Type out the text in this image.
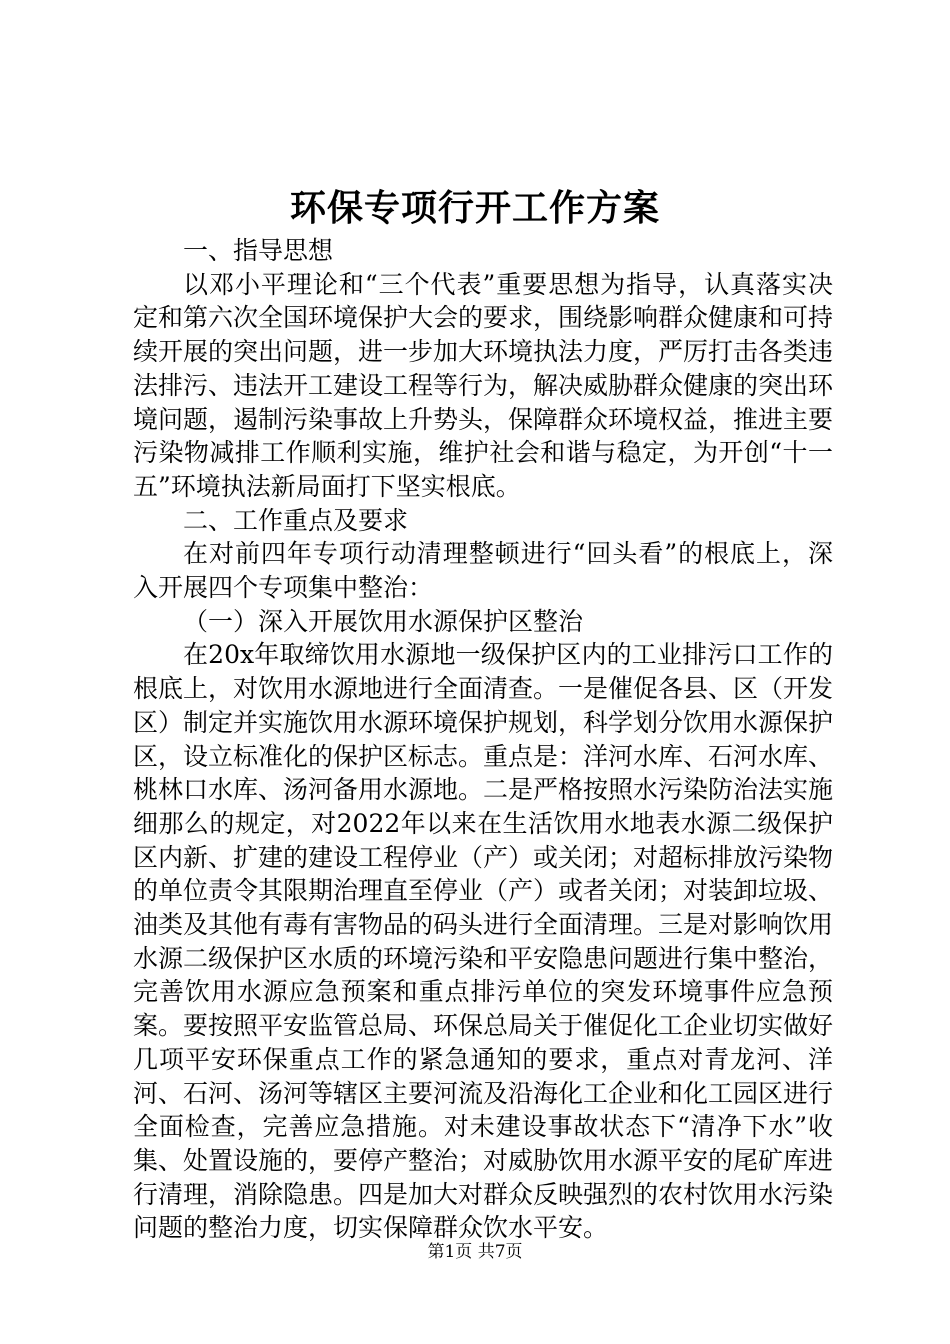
环保专项行开工作方案

一、指导思想

以邓小平理论和“三个代表”重要思想为指导，认真落实决定和第六次全国环境保护大会的要求，围绕影响群众健康和可持续开展的突出问题，进一步加大环境执法力度，严厉打击各类违法排污、违法开工建设工程等行为，解决威胁群众健康的突出环境问题，遏制污染事故上升势头，保障群众环境权益，推进主要污染物减排工作顺利实施，维护社会和谐与稳定，为开创“十一五”环境执法新局面打下坚实根底。

二、工作重点及要求

在对前四年专项行动清理整顿进行“回头看”的根底上，深入开展四个专项集中整治：

（一）深入开展饮用水源保护区整治

在20x年取缔饮用水源地一级保护区内的工业排污口工作的根底上，对饮用水源地进行全面清查。一是催促各县、区（开发区）制定并实施饮用水源环境保护规划，科学划分饮用水源保护区，设立标准化的保护区标志。重点是：洋河水库、石河水库、桃林口水库、汤河备用水源地。二是严格按照水污染防治法实施细那么的规定，对2022年以来在生活饮用水地表水源二级保护区内新、扩建的建设工程停业（产）或关闭；对超标排放污染物的单位责令其限期治理直至停业（产）或者关闭；对装卸垃圾、油类及其他有毒有害物品的码头进行全面清理。三是对影响饮用水源二级保护区水质的环境污染和平安隐患问题进行集中整治，完善饮用水源应急预案和重点排污单位的突发环境事件应急预案。要按照平安监管总局、环保总局关于催促化工企业切实做好几项平安环保重点工作的紧急通知的要求，重点对青龙河、洋河、石河、汤河等辖区主要河流及沿海化工企业和化工园区进行全面检查，完善应急措施。对未建设事故状态下“清净下水”收集、处置设施的，要停产整治；对威胁饮用水源平安的尾矿库进行清理，消除隐患。四是加大对群众反映强烈的农村饮用水污染问题的整治力度，切实保障群众饮水平安。

第1页 共7页
